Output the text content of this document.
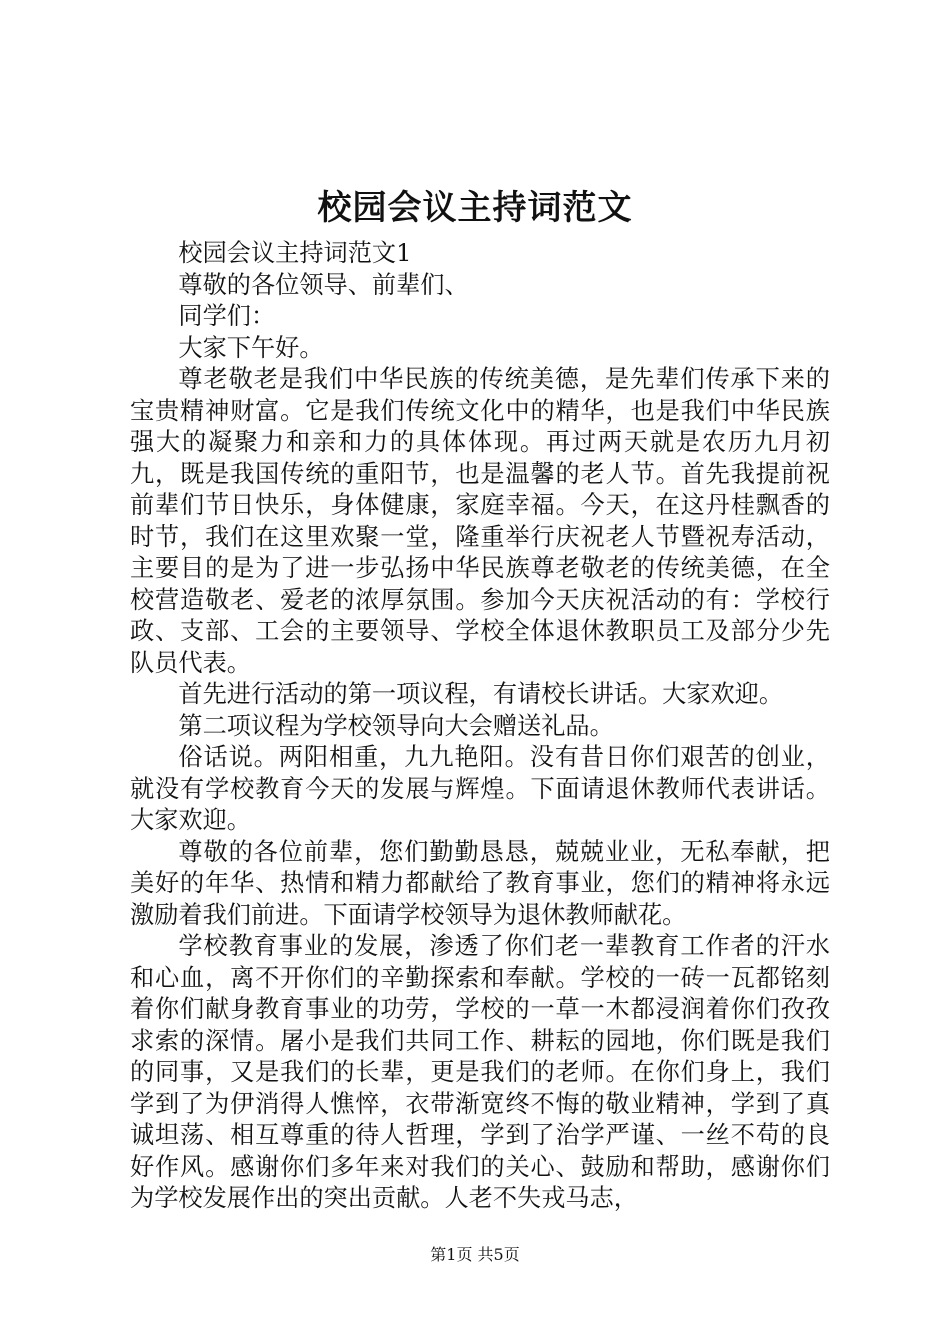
校园会议主持词范文

校园会议主持词范文1

尊敬的各位领导、前辈们、

同学们：

大家下午好。

尊老敬老是我们中华民族的传统美德，是先辈们传承下来的宝贵精神财富。它是我们传统文化中的精华，也是我们中华民族强大的凝聚力和亲和力的具体体现。再过两天就是农历九月初九，既是我国传统的重阳节，也是温馨的老人节。首先我提前祝前辈们节日快乐，身体健康，家庭幸福。今天，在这丹桂飘香的时节，我们在这里欢聚一堂，隆重举行庆祝老人节暨祝寿活动，主要目的是为了进一步弘扬中华民族尊老敬老的传统美德，在全校营造敬老、爱老的浓厚氛围。参加今天庆祝活动的有：学校行政、支部、工会的主要领导、学校全体退休教职员工及部分少先队员代表。

首先进行活动的第一项议程，有请校长讲话。大家欢迎。

第二项议程为学校领导向大会赠送礼品。

俗话说。两阳相重，九九艳阳。没有昔日你们艰苦的创业，就没有学校教育今天的发展与辉煌。下面请退休教师代表讲话。大家欢迎。

尊敬的各位前辈，您们勤勤恳恳，兢兢业业，无私奉献，把美好的年华、热情和精力都献给了教育事业，您们的精神将永远激励着我们前进。下面请学校领导为退休教师献花。

学校教育事业的发展，渗透了你们老一辈教育工作者的汗水和心血，离不开你们的辛勤探索和奉献。学校的一砖一瓦都铭刻着你们献身教育事业的功劳，学校的一草一木都浸润着你们孜孜求索的深情。屠小是我们共同工作、耕耘的园地，你们既是我们的同事，又是我们的长辈，更是我们的老师。在你们身上，我们学到了为伊消得人憔悴，衣带渐宽终不悔的敬业精神，学到了真诚坦荡、相互尊重的待人哲理，学到了治学严谨、一丝不苟的良好作风。感谢你们多年来对我们的关心、鼓励和帮助，感谢你们为学校发展作出的突出贡献。人老不失戎马志，

第1页 共5页
